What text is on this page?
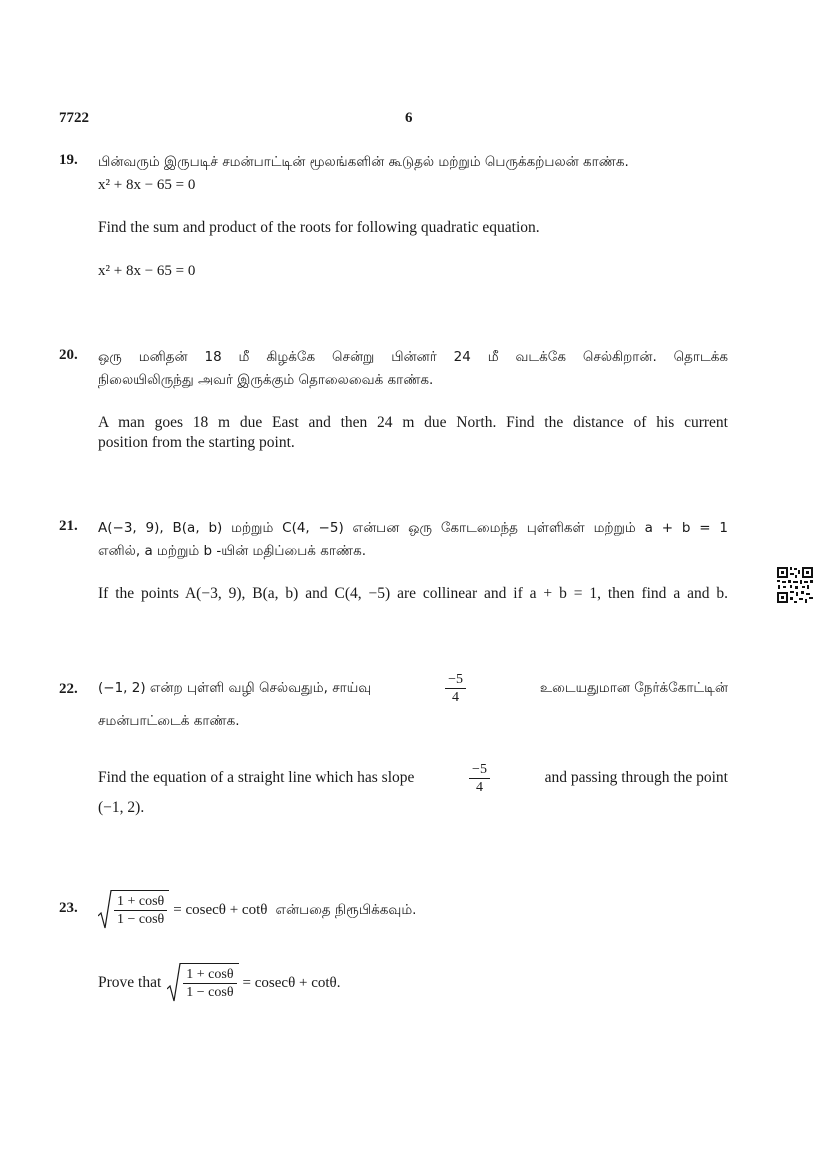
7722	6
19. பின்வரும் இருபடிச் சமன்பாட்டின் மூலங்களின் கூடுதல் மற்றும் பெருக்கற்பலன் காண்க.
x² + 8x − 65 = 0
Find the sum and product of the roots for following quadratic equation.
x² + 8x − 65 = 0
20. ஒரு மனிதன் 18 மீ கிழக்கே சென்று பின்னர் 24 மீ வடக்கே செல்கிறான். தொடக்க
நிலையிலிருந்து அவர் இருக்கும் தொலைவைக் காண்க.
A man goes 18 m due East and then 24 m due North. Find the distance of his current
position from the starting point.
21. A(−3, 9), B(a, b) மற்றும் C(4, −5) என்பன ஒரு கோடமைந்த புள்ளிகள் மற்றும் a + b = 1
எனில், a மற்றும் b -யின் மதிப்பைக் காண்க.
If the points A(−3, 9), B(a, b) and C(4, −5) are collinear and if a + b = 1, then find a and b.
22. (−1, 2) என்ற புள்ளி வழி செல்வதும், சாய்வு	$\frac{-5}{4}$	உடையதுமான நேர்க்கோட்டின்
சமன்பாட்டைக் காண்க.
Find the equation of a straight line which has slope	$\frac{-5}{4}$	and passing through the point
(−1, 2).
23.	$\frac{1 + \cos\theta}{1 - \cos\theta} = cosec\theta + \cot\theta$ என்பதை நிரூபிக்கவும்.
Prove that $\frac{1 + \cos\theta}{1 - \cos\theta} = cosec\theta + \cot\theta$.
